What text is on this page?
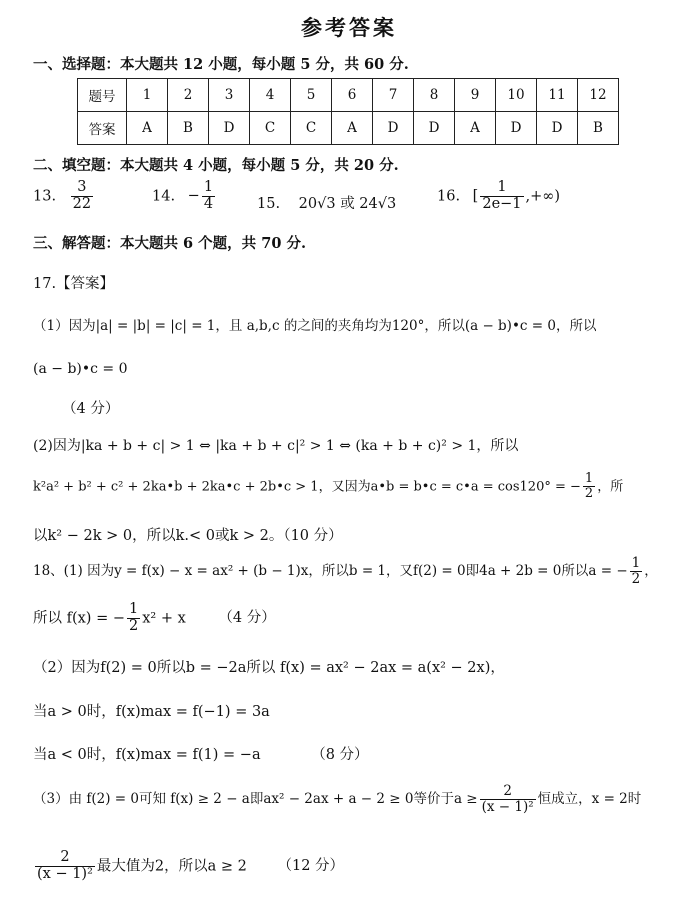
参考答案
一、选择题：本大题共 12 小题，每小题 5 分，共 60 分.
题号	1	2	3	4	5	6	7	8	9	10	11	12
答案	A	B	D	C	C	A	D	D	A	D	D	B
二、填空题：本大题共 4 小题，每小题 5 分，共 20 分.
13. $\frac{3}{22}$	14. − $\frac{1}{4}$	15. 20√3 或 24√3	16. [ $\frac{1}{2e-1}$ ,+∞)
三、解答题：本大题共 6 个题，共 70 分.
17.【答案】
（1）因为|a| = |b| = |c| = 1，且 a,b,c 的之间的夹角均为120°，所以(a − b)•c = 0，所以
(a − b)•c = 0
（4 分）
(2)因为|ka + b + c| > 1 ⇔ |ka + b + c|² > 1 ⇔ (ka + b + c)² > 1，所以
k²a² + b² + c² + 2ka•b + 2ka•c + 2b•c > 1，又因为a•b = b•c = c•a = cos120° = − $\frac{1}{2}$ ，所
以k² − 2k > 0，所以k.< 0或k > 2。（10 分）
18、(1) 因为y = f(x) − x = ax² + (b − 1)x，所以b = 1，又f(2) = 0即4a + 2b = 0所以a = − $\frac{1}{2}$ ，
所以 f(x) = − $\frac{1}{2} x^2 + x$ （4 分）
（2）因为f(2) = 0所以b = −2a所以 f(x) = ax² − 2ax = a(x² − 2x)，
当a > 0时，f(x)max = f(−1) = 3a
当a < 0时，f(x)max = f(1) = −a	（8 分）
（3）由 f(2) = 0可知 f(x) ≥ 2 − a即ax² − 2ax + a − 2 ≥ 0等价于$a \ge \frac{2}{\text{(x − 1)²}}$ 恒成立，x = 2时
$\frac{2}{\text{(x − 1)²}}$ 最大值为2，所以a ≥ 2 （12 分）
